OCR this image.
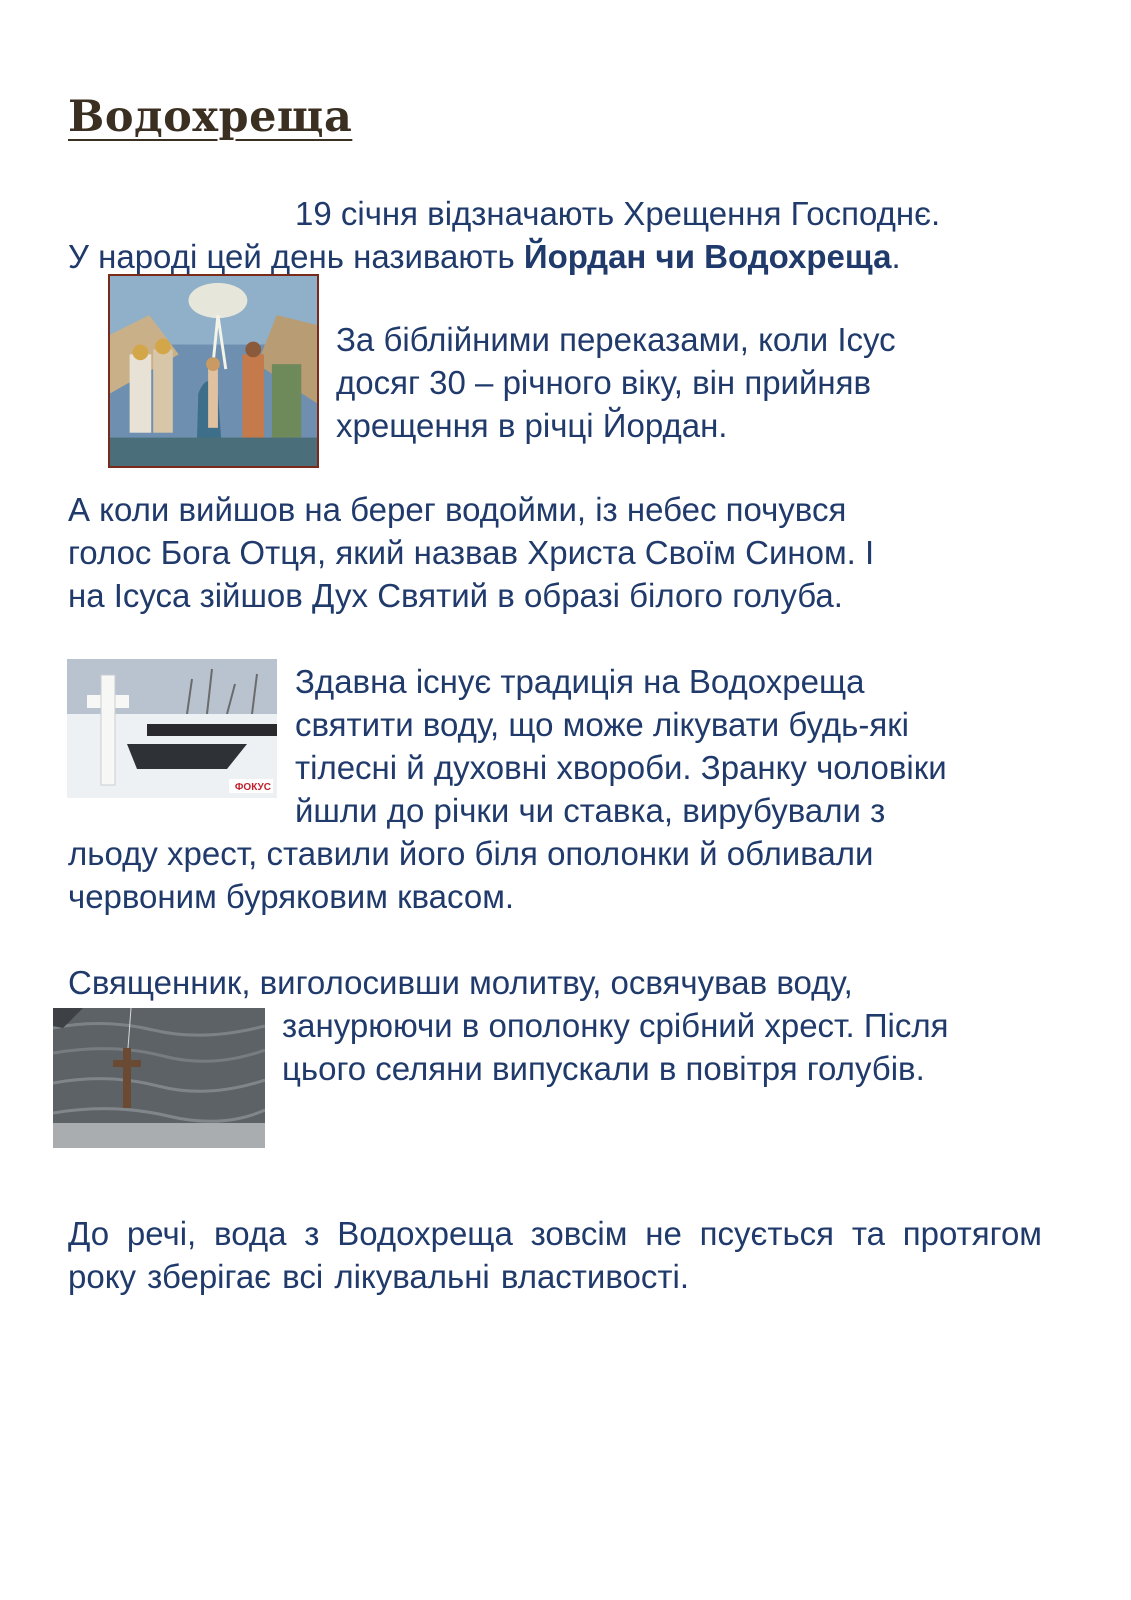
Водохреща
19 січня відзначають Хрещення Господнє.
У народі цей день називають Йордан чи Водохреща.
За біблійними переказами, коли Ісус
досяг 30 – річного віку, він прийняв
хрещення в річці Йордан.
А коли вийшов на берег водойми, із небес почувся
голос Бога Отця, який назвав Христа Своїм Сином. І
на Ісуса зійшов Дух Святий в образі білого голуба.
ФОКУС
Здавна існує традиція на Водохреща
святити воду, що може лікувати будь-які
тілесні й духовні хвороби. Зранку чоловіки
йшли до річки чи ставка, вирубували з
льоду хрест, ставили його біля ополонки й обливали
червоним буряковим квасом.
Священник, виголосивши молитву, освячував воду,
занурюючи в ополонку срібний хрест. Після
цього селяни випускали в повітря голубів.
До речі, вода з Водохреща зовсім не псується та протягом року зберігає всі лікувальні властивості.
